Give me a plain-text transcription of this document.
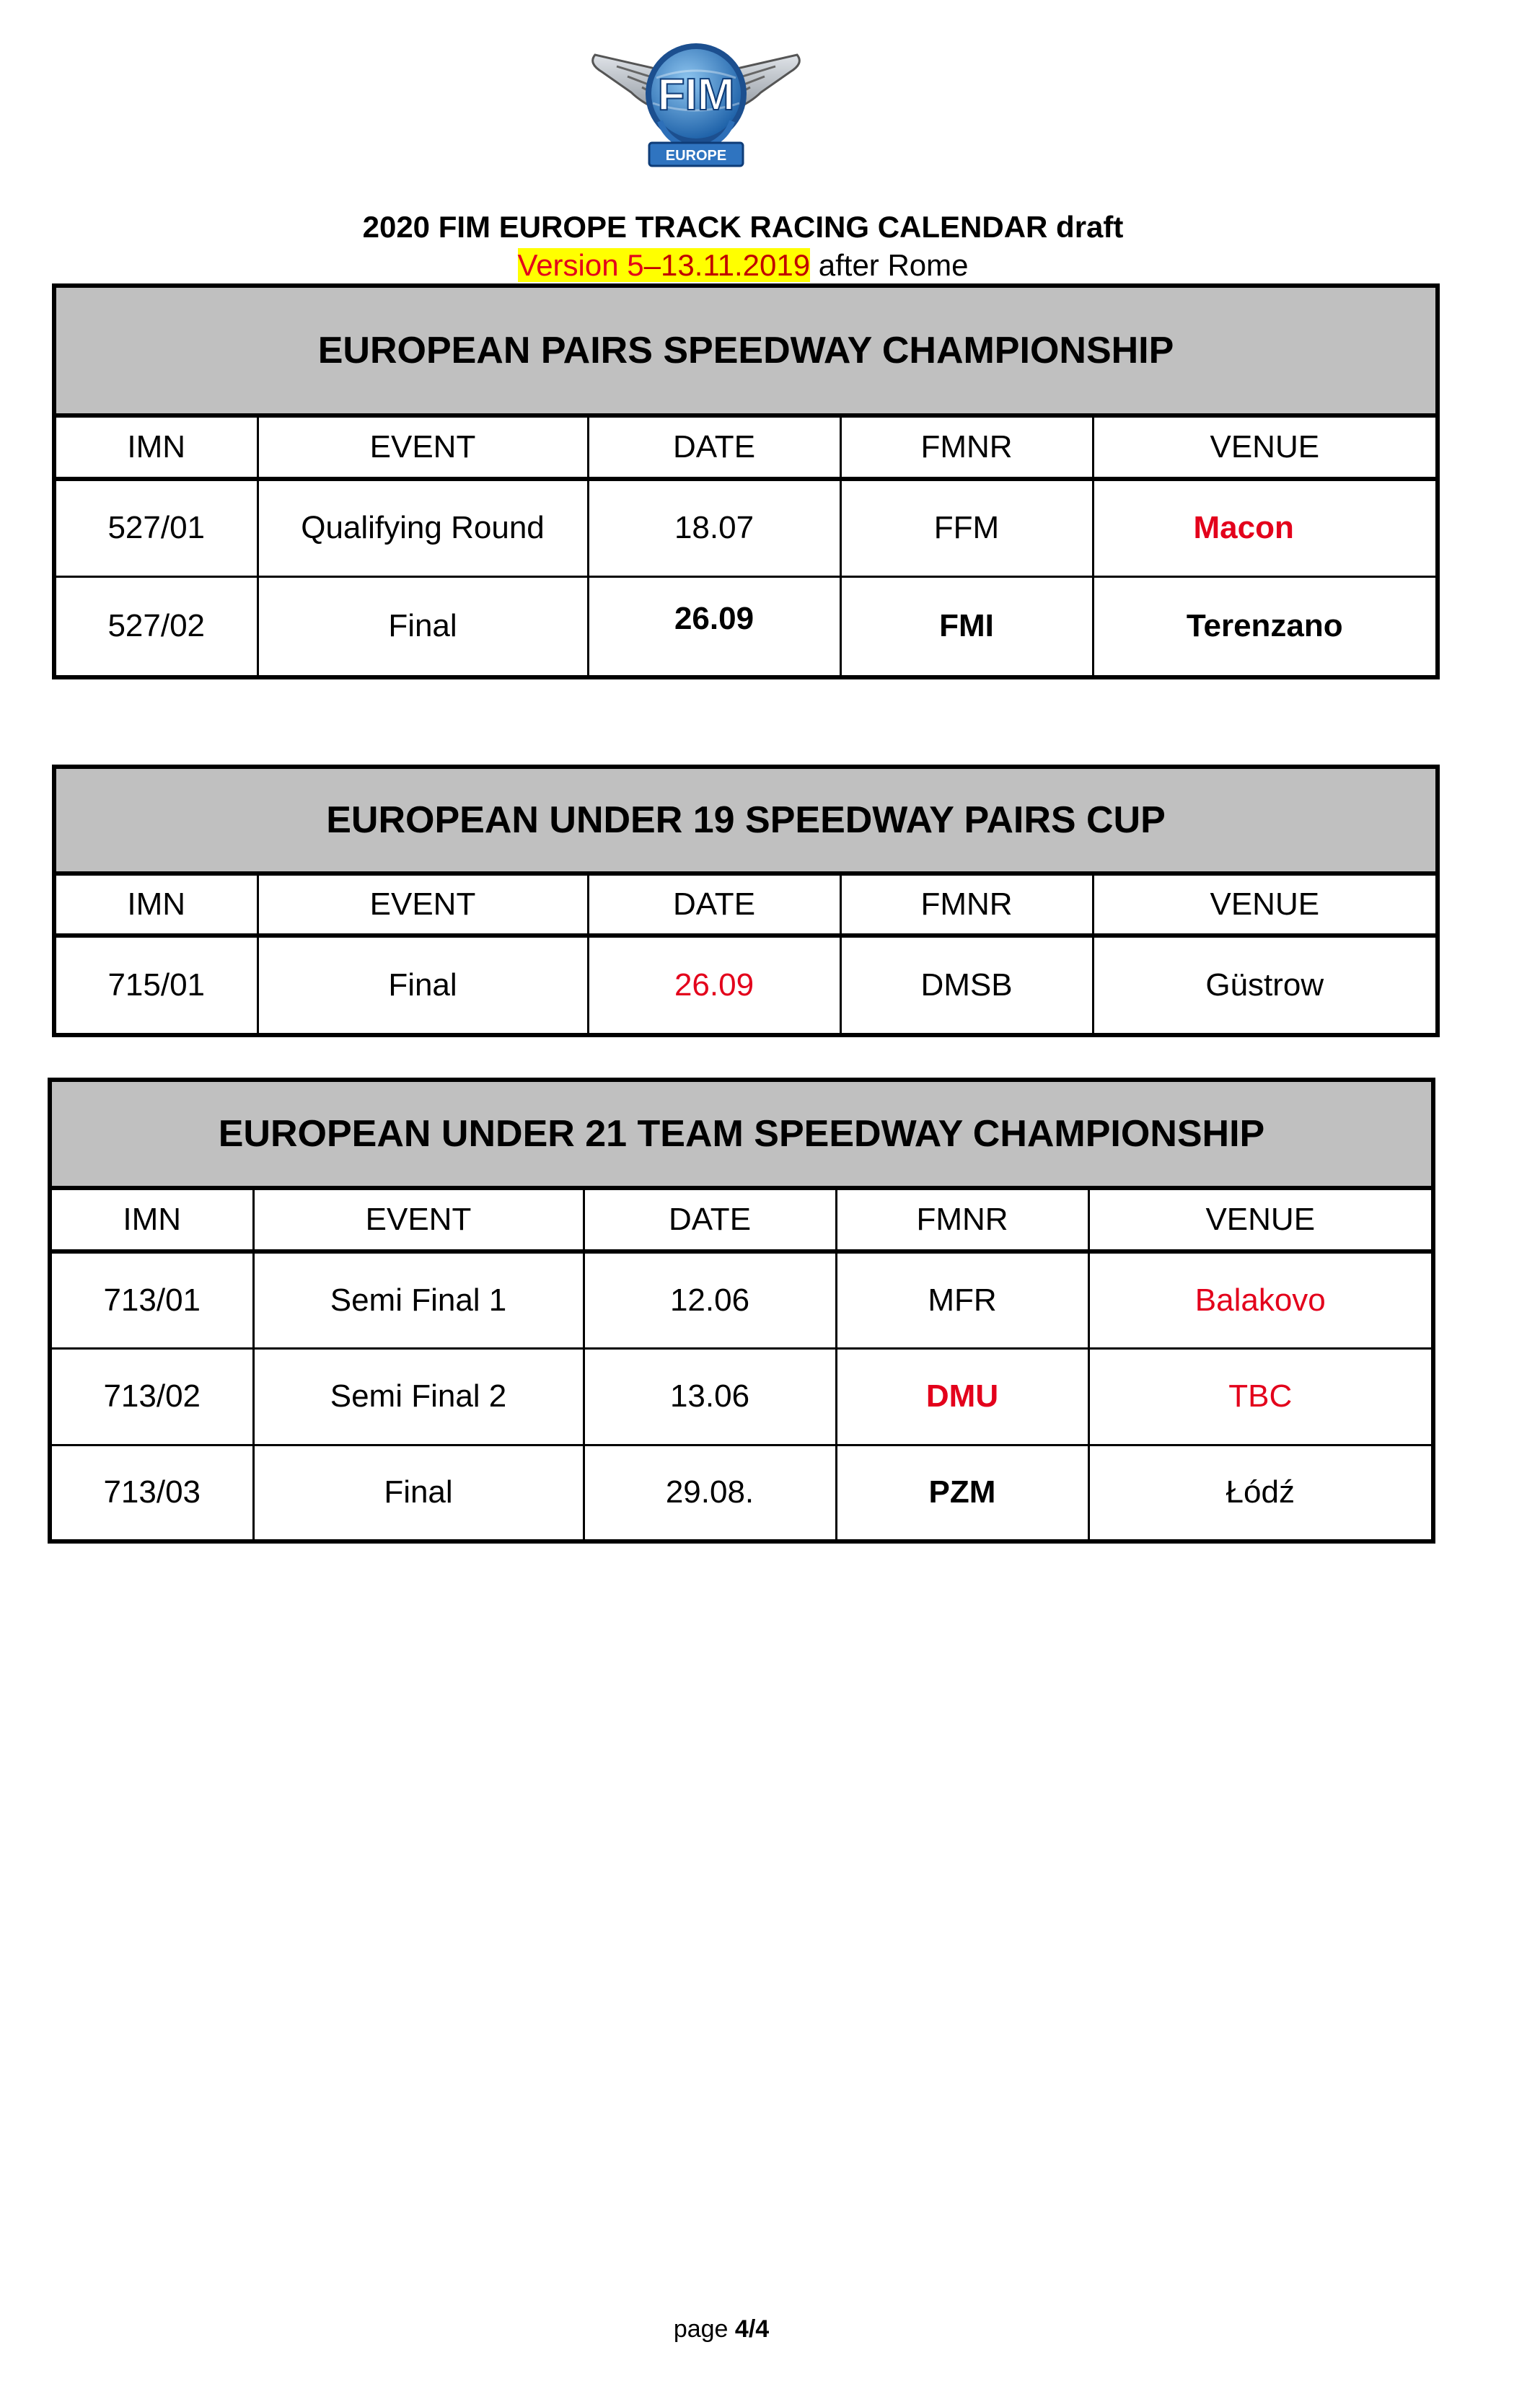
FIM
EUROPE
2020 FIM EUROPE TRACK RACING CALENDAR draft
Version 5–13.11.2019 after Rome
EUROPEAN PAIRS SPEEDWAY CHAMPIONSHIP				
IMN	EVENT	DATE	FMNR	VENUE
527/01	Qualifying Round	18.07	FFM	Macon
527/02	Final	26.09	FMI	Terenzano
EUROPEAN UNDER 19 SPEEDWAY PAIRS CUP				
IMN	EVENT	DATE	FMNR	VENUE
715/01	Final	26.09	DMSB	Güstrow
EUROPEAN UNDER 21 TEAM SPEEDWAY CHAMPIONSHIP				
IMN	EVENT	DATE	FMNR	VENUE
713/01	Semi Final 1	12.06	MFR	Balakovo
713/02	Semi Final 2	13.06	DMU	TBC
713/03	Final	29.08.	PZM	Łódź
page 4/4
